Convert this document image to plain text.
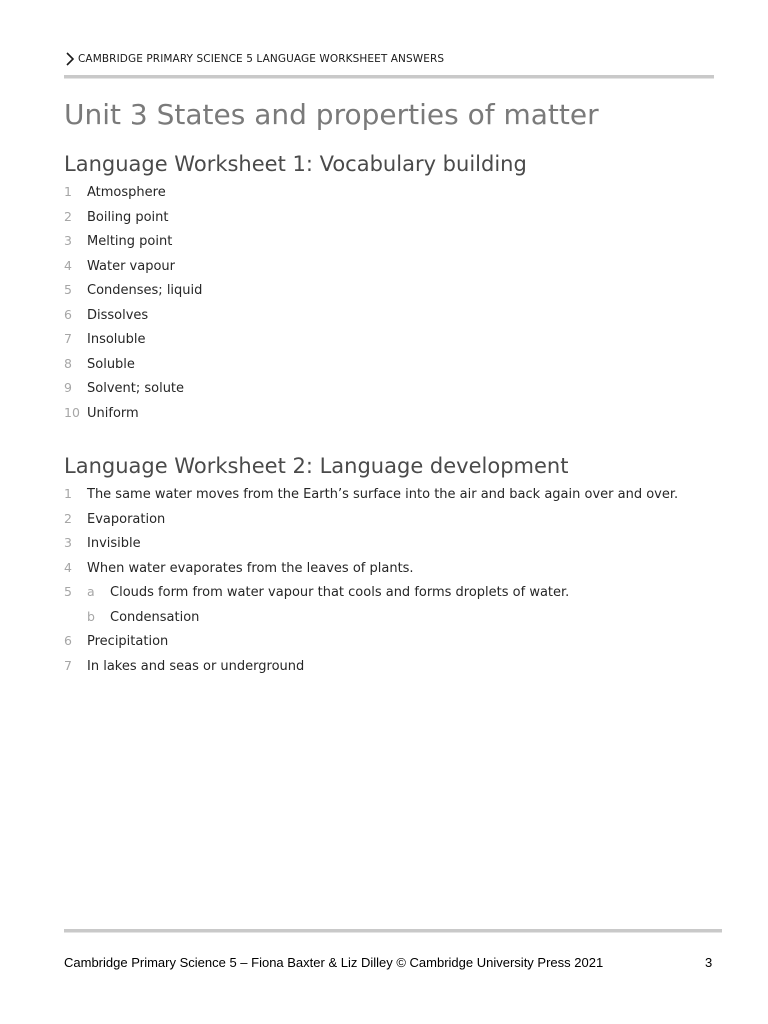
CAMBRIDGE PRIMARY SCIENCE 5 LANGUAGE WORKSHEET ANSWERS
Unit 3 States and properties of matter
Language Worksheet 1: Vocabulary building
1	Atmosphere
2	Boiling point
3	Melting point
4	Water vapour
5	Condenses; liquid
6	Dissolves
7	Insoluble
8	Soluble
9	Solvent; solute
10 Uniform
Language Worksheet 2: Language development
1	The same water moves from the Earth’s surface into the air and back again over and over.
2	Evaporation
3	Invisible
4	When water evaporates from the leaves of plants.
5	a	Clouds form from water vapour that cools and forms droplets of water.
b	Condensation
6	Precipitation
7	In lakes and seas or underground
Cambridge Primary Science 5 – Fiona Baxter & Liz Dilley © Cambridge University Press 2021	3
